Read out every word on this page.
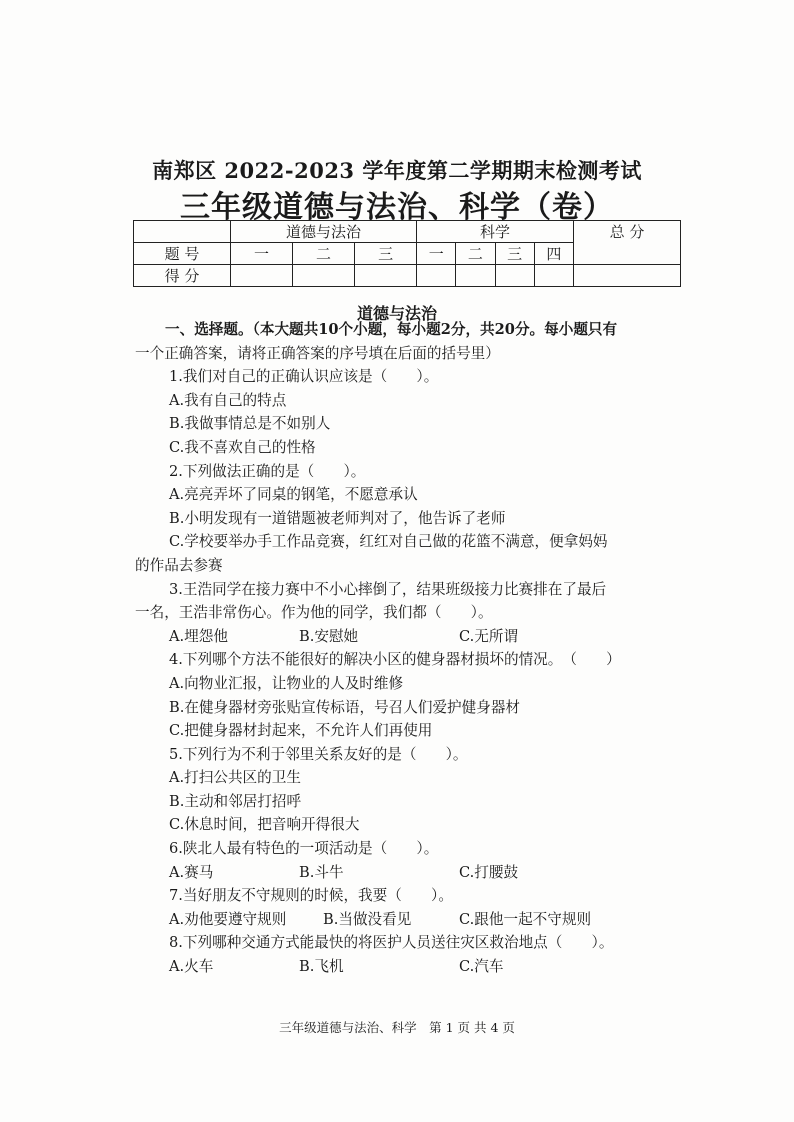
南郑区 2022-2023 学年度第二学期期末检测考试
三年级道德与法治、科学（卷）
	道德与法治			科学				总 分
题 号	一	二	三	一	二	三	四	
得 分								
道德与法治
一、选择题。（本大题共10个小题，每小题2分，共20分。每小题只有
一个正确答案，请将正确答案的序号填在后面的括号里）
1.我们对自己的正确认识应该是（　　）。
A.我有自己的特点
B.我做事情总是不如别人
C.我不喜欢自己的性格
2.下列做法正确的是（　　）。
A.亮亮弄坏了同桌的钢笔，不愿意承认
B.小明发现有一道错题被老师判对了，他告诉了老师
C.学校要举办手工作品竞赛，红红对自己做的花篮不满意，便拿妈妈
的作品去参赛
3.王浩同学在接力赛中不小心摔倒了，结果班级接力比赛排在了最后
一名，王浩非常伤心。作为他的同学，我们都（　　）。
A.埋怨他	B.安慰她	C.无所谓
4.下列哪个方法不能很好的解决小区的健身器材损坏的情况。　（　　）
A.向物业汇报，让物业的人及时维修
B.在健身器材旁张贴宣传标语，号召人们爱护健身器材
C.把健身器材封起来，不允许人们再使用
5.下列行为不利于邻里关系友好的是（　　）。
A.打扫公共区的卫生
B.主动和邻居打招呼
C.休息时间，把音响开得很大
6.陕北人最有特色的一项活动是（　　）。
A.赛马	B.斗牛	C.打腰鼓
7.当好朋友不守规则的时候，我要（　　）。
A.劝他要遵守规则	B.当做没看见	C.跟他一起不守规则
8.下列哪种交通方式能最快的将医护人员送往灾区救治地点（　　）。
A.火车	B.飞机	C.汽车
三年级道德与法治、科学　第 1 页 共 4 页
